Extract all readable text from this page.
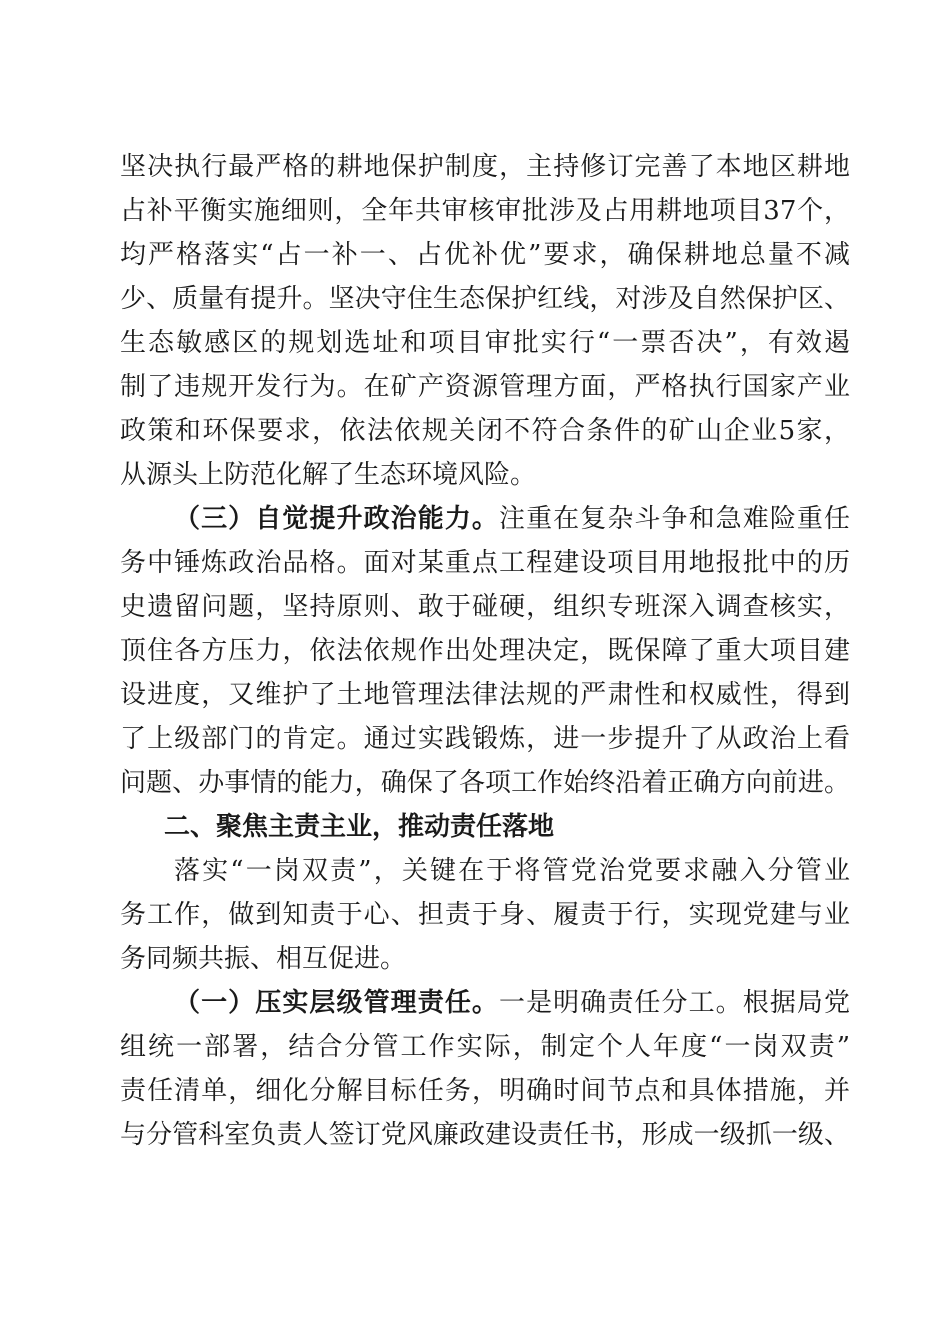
坚决执行最严格的耕地保护制度，主持修订完善了本地区耕地
占补平衡实施细则，全年共审核审批涉及占用耕地项目37个，
均严格落实“占一补一、占优补优”要求，确保耕地总量不减
少、质量有提升。坚决守住生态保护红线，对涉及自然保护区、
生态敏感区的规划选址和项目审批实行“一票否决”，有效遏
制了违规开发行为。在矿产资源管理方面，严格执行国家产业
政策和环保要求，依法依规关闭不符合条件的矿山企业5家，
从源头上防范化解了生态环境风险。
（三）自觉提升政治能力。注重在复杂斗争和急难险重任
务中锤炼政治品格。面对某重点工程建设项目用地报批中的历
史遗留问题，坚持原则、敢于碰硬，组织专班深入调查核实，
顶住各方压力，依法依规作出处理决定，既保障了重大项目建
设进度，又维护了土地管理法律法规的严肃性和权威性，得到
了上级部门的肯定。通过实践锻炼，进一步提升了从政治上看
问题、办事情的能力，确保了各项工作始终沿着正确方向前进。
二、聚焦主责主业，推动责任落地
落实“一岗双责”，关键在于将管党治党要求融入分管业
务工作，做到知责于心、担责于身、履责于行，实现党建与业
务同频共振、相互促进。
（一）压实层级管理责任。一是明确责任分工。根据局党
组统一部署，结合分管工作实际，制定个人年度“一岗双责”
责任清单，细化分解目标任务，明确时间节点和具体措施，并
与分管科室负责人签订党风廉政建设责任书，形成一级抓一级、
